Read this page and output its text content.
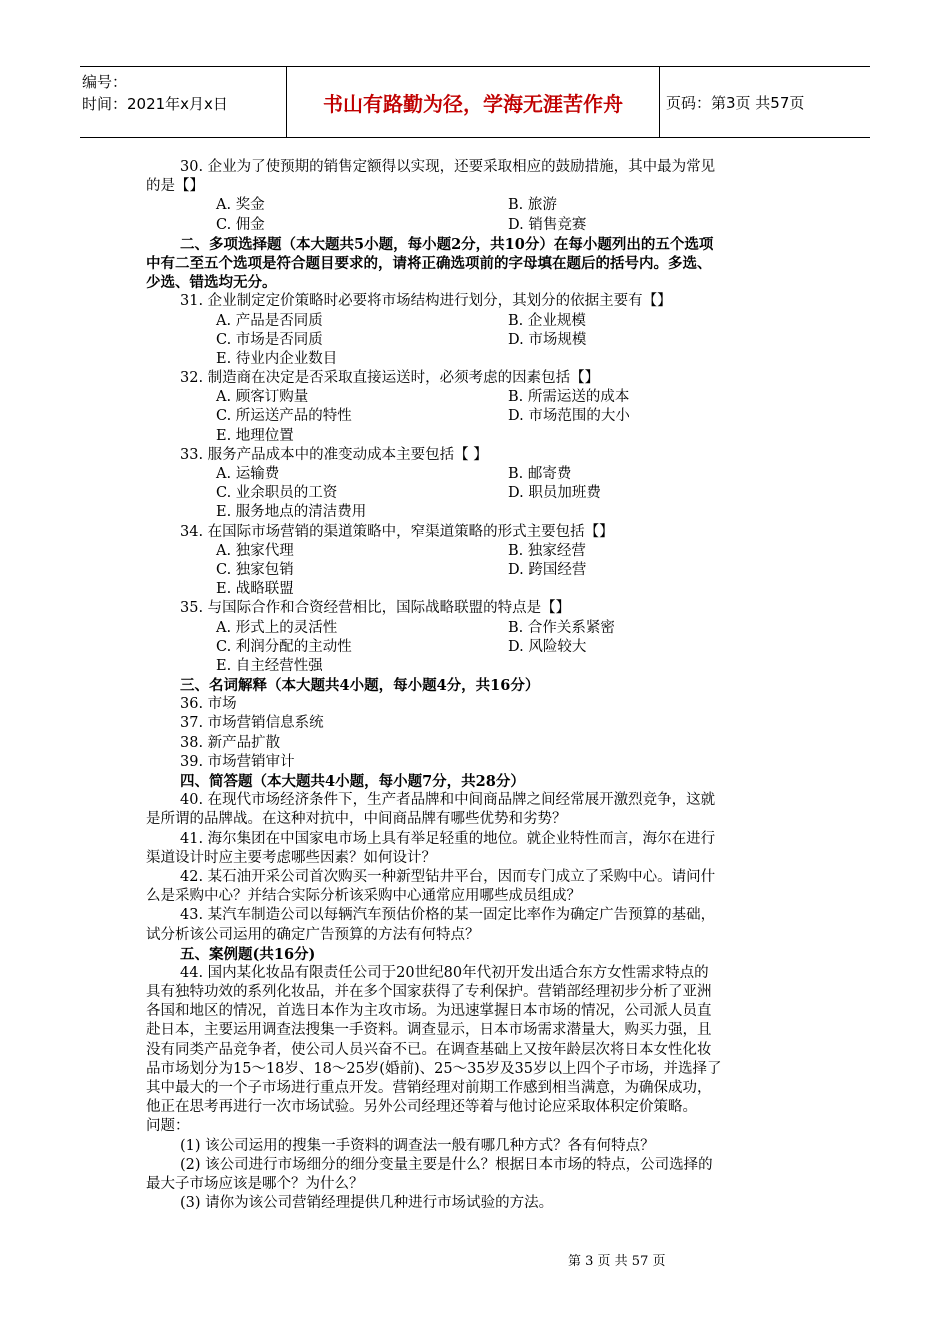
编号：
时间：2021年x月x日	书山有路勤为径，学海无涯苦作舟	页码：第3页 共57页
30. 企业为了使预期的销售定额得以实现，还要采取相应的鼓励措施，其中最为常见
的是【】
A. 奖金	B. 旅游
C. 佣金	D. 销售竞赛
二、多项选择题（本大题共5小题，每小题2分，共10分）在每小题列出的五个选项
中有二至五个选项是符合题目要求的，请将正确选项前的字母填在题后的括号内。多选、
少选、错选均无分。
31. 企业制定定价策略时必要将市场结构进行划分，其划分的依据主要有【】
A. 产品是否同质	B. 企业规模
C. 市场是否同质	D. 市场规模
E. 待业内企业数目
32. 制造商在决定是否采取直接运送时，必须考虑的因素包括【】
A. 顾客订购量	B. 所需运送的成本
C. 所运送产品的特性	D. 市场范围的大小
E. 地理位置
33. 服务产品成本中的准变动成本主要包括【 】
A. 运输费	B. 邮寄费
C. 业余职员的工资	D. 职员加班费
E. 服务地点的清洁费用
34. 在国际市场营销的渠道策略中，窄渠道策略的形式主要包括【】
A. 独家代理	B. 独家经营
C. 独家包销	D. 跨国经营
E. 战略联盟
35. 与国际合作和合资经营相比，国际战略联盟的特点是【】
A. 形式上的灵活性	B. 合作关系紧密
C. 利润分配的主动性	D. 风险较大
E. 自主经营性强
三、名词解释（本大题共4小题，每小题4分，共16分）
36. 市场
37. 市场营销信息系统
38. 新产品扩散
39. 市场营销审计
四、简答题（本大题共4小题，每小题7分，共28分）
40. 在现代市场经济条件下，生产者品牌和中间商品牌之间经常展开激烈竞争，这就
是所谓的品牌战。在这种对抗中，中间商品牌有哪些优势和劣势？
41. 海尔集团在中国家电市场上具有举足轻重的地位。就企业特性而言，海尔在进行
渠道设计时应主要考虑哪些因素？如何设计？
42. 某石油开采公司首次购买一种新型钻井平台，因而专门成立了采购中心。请问什
么是采购中心？并结合实际分析该采购中心通常应用哪些成员组成？
43. 某汽车制造公司以每辆汽车预估价格的某一固定比率作为确定广告预算的基础，
试分析该公司运用的确定广告预算的方法有何特点？
五、案例题(共16分)
44. 国内某化妆品有限责任公司于20世纪80年代初开发出适合东方女性需求特点的
具有独特功效的系列化妆品，并在多个国家获得了专利保护。营销部经理初步分析了亚洲
各国和地区的情况，首选日本作为主攻市场。为迅速掌握日本市场的情况，公司派人员直
赴日本，主要运用调查法搜集一手资料。调查显示，日本市场需求潜量大，购买力强，且
没有同类产品竞争者，使公司人员兴奋不已。在调查基础上又按年龄层次将日本女性化妆
品市场划分为15～18岁、18～25岁(婚前)、25～35岁及35岁以上四个子市场，并选择了
其中最大的一个子市场进行重点开发。营销经理对前期工作感到相当满意，为确保成功，
他正在思考再进行一次市场试验。另外公司经理还等着与他讨论应采取体积定价策略。
问题：
(1) 该公司运用的搜集一手资料的调查法一般有哪几种方式？各有何特点？
(2) 该公司进行市场细分的细分变量主要是什么？根据日本市场的特点，公司选择的
最大子市场应该是哪个？为什么？
(3) 请你为该公司营销经理提供几种进行市场试验的方法。
第 3 页 共 57 页
